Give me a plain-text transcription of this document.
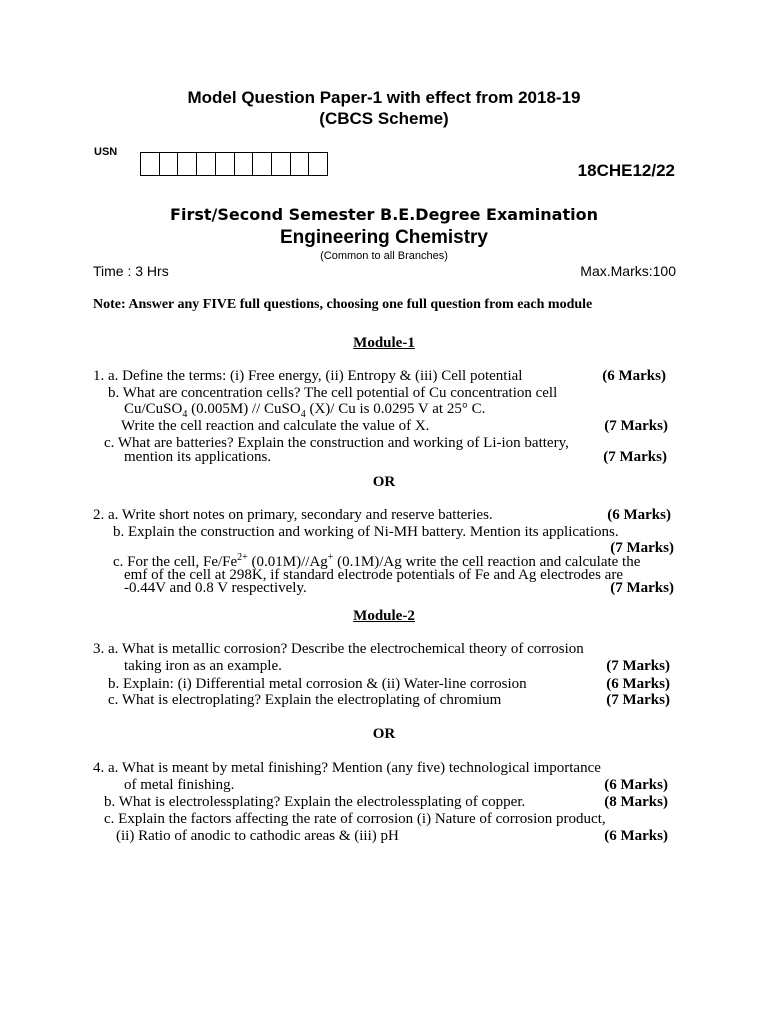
Model Question Paper-1 with effect from 2018-19
(CBCS Scheme)
USN
18CHE12/22
First/Second Semester B.E.Degree Examination
Engineering Chemistry
(Common to all Branches)
Time : 3 Hrs	Max.Marks:100
Note: Answer any FIVE full questions, choosing one full question from each module
Module-1
1. a. Define the terms: (i) Free energy, (ii) Entropy & (iii) Cell potential	(6 Marks)
b. What are concentration cells? The cell potential of Cu concentration cell
Cu/CuSO$_4$ (0.005M) // CuSO$_4$ (X)/ Cu is 0.0295 V at 25° C.
Write the cell reaction and calculate the value of X.	(7 Marks)
c. What are batteries? Explain the construction and working of Li-ion battery,
mention its applications.	(7 Marks)
OR
2. a. Write short notes on primary, secondary and reserve batteries.	(6 Marks)
b. Explain the construction and working of Ni-MH battery. Mention its applications.
(7 Marks)
c. For the cell, $Fe/Fe^{2+}$ (0.01M)//Ag+ (0.1M)/Ag write the cell reaction and calculate the
emf of the cell at 298K, if standard electrode potentials of Fe and Ag electrodes are
-0.44V and 0.8 V respectively.	(7 Marks)
Module-2
3. a. What is metallic corrosion? Describe the electrochemical theory of corrosion
taking iron as an example.	(7 Marks)
b. Explain: (i) Differential metal corrosion & (ii) Water-line corrosion	(6 Marks)
c. What is electroplating? Explain the electroplating of chromium	(7 Marks)
OR
4. a. What is meant by metal finishing? Mention (any five) technological importance
of metal finishing.	(6 Marks)
b. What is electrolessplating? Explain the electrolessplating of copper.	(8 Marks)
c. Explain the factors affecting the rate of corrosion (i) Nature of corrosion product,
(ii) Ratio of anodic to cathodic areas & (iii) pH	(6 Marks)
